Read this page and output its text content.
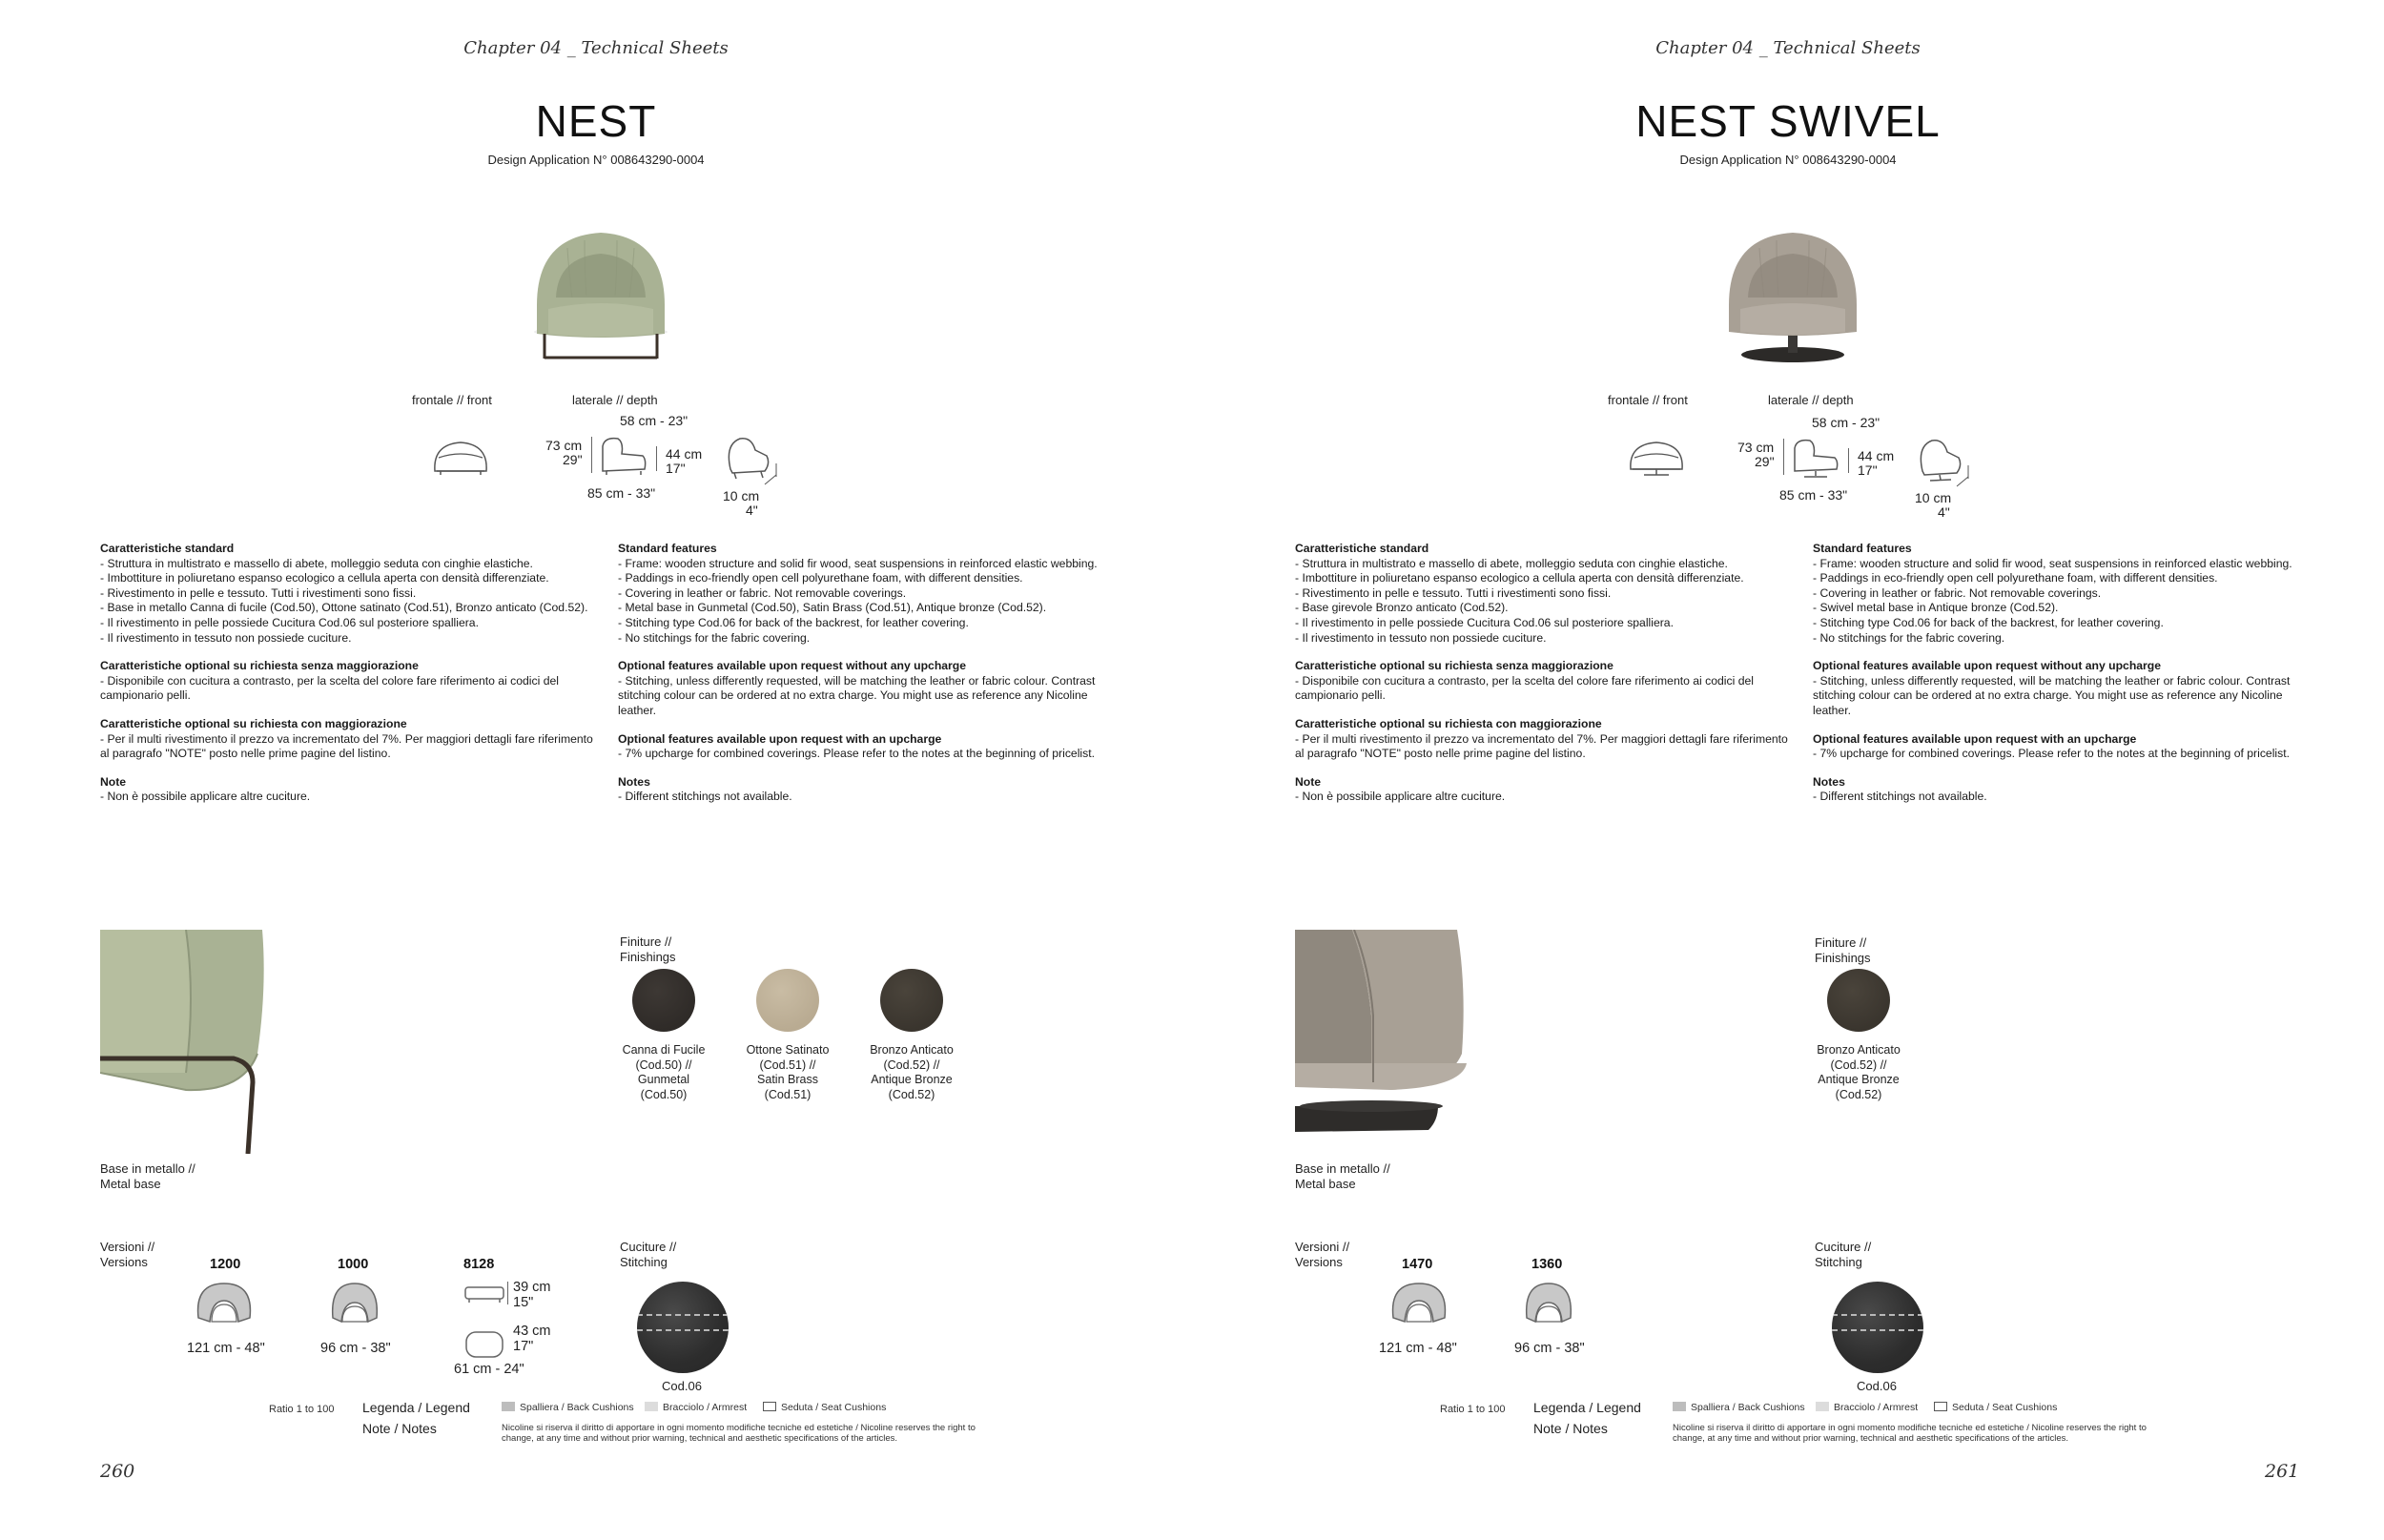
Chapter 04 _ Technical Sheets
NEST
Design Application N° 008643290-0004
frontale // front	laterale // depth
58 cm - 23"
73 cm
29"	44 cm
17"
85 cm - 33"	10 cm
4"
Caratteristiche standard
- Struttura in multistrato e massello di abete, molleggio seduta con cinghie elastiche.
- Imbottiture in poliuretano espanso ecologico a cellula aperta con densità differenziate.
- Rivestimento in pelle e tessuto. Tutti i rivestimenti sono fissi.
- Base in metallo Canna di fucile (Cod.50), Ottone satinato (Cod.51), Bronzo anticato (Cod.52).
- Il rivestimento in pelle possiede Cucitura Cod.06 sul posteriore spalliera.
- Il rivestimento in tessuto non possiede cuciture.
Caratteristiche optional su richiesta senza maggiorazione
- Disponibile con cucitura a contrasto, per la scelta del colore fare riferimento ai codici del campionario pelli.
Caratteristiche optional su richiesta con maggiorazione
- Per il multi rivestimento il prezzo va incrementato del 7%. Per maggiori dettagli fare riferimento al paragrafo "NOTE" posto nelle prime pagine del listino.
Note
- Non è possibile applicare altre cuciture.
Standard features
- Frame: wooden structure and solid fir wood, seat suspensions in reinforced elastic webbing.
- Paddings in eco-friendly open cell polyurethane foam, with different densities.
- Covering in leather or fabric. Not removable coverings.
- Metal base in Gunmetal (Cod.50), Satin Brass (Cod.51), Antique bronze (Cod.52).
- Stitching type Cod.06 for back of the backrest, for leather covering.
- No stitchings for the fabric covering.
Optional features available upon request without any upcharge
- Stitching, unless differently requested, will be matching the leather or fabric colour. Contrast stitching colour can be ordered at no extra charge. You might use as reference any Nicoline leather.
Optional features available upon request with an upcharge
- 7% upcharge for combined coverings. Please refer to the notes at the beginning of pricelist.
Notes
- Different stitchings not available.
Base in metallo //
Metal base
Finiture //
Finishings
Canna di Fucile
(Cod.50) //
Gunmetal
(Cod.50)
Ottone Satinato
(Cod.51) //
Satin Brass
(Cod.51)
Bronzo Anticato
(Cod.52) //
Antique Bronze
(Cod.52)
Versioni //
Versions	1200
121 cm - 48"
1000
96 cm - 38"
8128
39 cm
15"
43 cm
17"
61 cm - 24"
Cuciture //
Stitching
Cod.06
Ratio 1 to 100 Legenda / Legend
Note / Notes
Spalliera / Back Cushions	Bracciolo / Armrest	Seduta / Seat Cushions
Nicoline si riserva il diritto di apportare in ogni momento modifiche tecniche ed estetiche / Nicoline reserves the right to change, at any time and without prior warning, technical and aesthetic specifications of the articles.
260
Chapter 04 _ Technical Sheets
NEST SWIVEL
Design Application N° 008643290-0004
frontale // front	laterale // depth
58 cm - 23"
73 cm
29"	44 cm
17"
85 cm - 33"	10 cm
4"
Caratteristiche standard
- Struttura in multistrato e massello di abete, molleggio seduta con cinghie elastiche.
- Imbottiture in poliuretano espanso ecologico a cellula aperta con densità differenziate.
- Rivestimento in pelle e tessuto. Tutti i rivestimenti sono fissi.
- Base girevole Bronzo anticato (Cod.52).
- Il rivestimento in pelle possiede Cucitura Cod.06 sul posteriore spalliera.
- Il rivestimento in tessuto non possiede cuciture.
Caratteristiche optional su richiesta senza maggiorazione
- Disponibile con cucitura a contrasto, per la scelta del colore fare riferimento ai codici del campionario pelli.
Caratteristiche optional su richiesta con maggiorazione
- Per il multi rivestimento il prezzo va incrementato del 7%. Per maggiori dettagli fare riferimento al paragrafo "NOTE" posto nelle prime pagine del listino.
Note
- Non è possibile applicare altre cuciture.
Standard features
- Frame: wooden structure and solid fir wood, seat suspensions in reinforced elastic webbing.
- Paddings in eco-friendly open cell polyurethane foam, with different densities.
- Covering in leather or fabric. Not removable coverings.
- Swivel metal base in Antique bronze (Cod.52).
- Stitching type Cod.06 for back of the backrest, for leather covering.
- No stitchings for the fabric covering.
Optional features available upon request without any upcharge
- Stitching, unless differently requested, will be matching the leather or fabric colour. Contrast stitching colour can be ordered at no extra charge. You might use as reference any Nicoline leather.
Optional features available upon request with an upcharge
- 7% upcharge for combined coverings. Please refer to the notes at the beginning of pricelist.
Notes
- Different stitchings not available.
Base in metallo //
Metal base
Finiture //
Finishings
Bronzo Anticato
(Cod.52) //
Antique Bronze
(Cod.52)
Versioni //
Versions	1470
121 cm - 48"
1360
96 cm - 38"
Cuciture //
Stitching
Cod.06
Ratio 1 to 100 Legenda / Legend
Note / Notes
Spalliera / Back Cushions	Bracciolo / Armrest	Seduta / Seat Cushions
Nicoline si riserva il diritto di apportare in ogni momento modifiche tecniche ed estetiche / Nicoline reserves the right to change, at any time and without prior warning, technical and aesthetic specifications of the articles.
261
